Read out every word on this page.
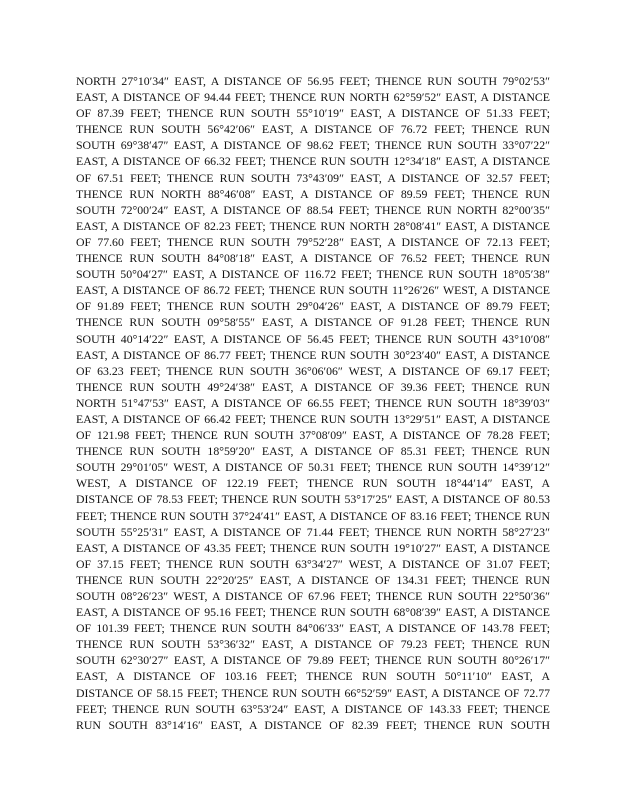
NORTH 27°10′34″ EAST, A DISTANCE OF 56.95 FEET; THENCE RUN SOUTH 79°02′53″
EAST, A DISTANCE OF 94.44 FEET; THENCE RUN NORTH 62°59′52″ EAST, A DISTANCE
OF 87.39 FEET; THENCE RUN SOUTH 55°10′19″ EAST, A DISTANCE OF 51.33 FEET;
THENCE RUN SOUTH 56°42′06″ EAST, A DISTANCE OF 76.72 FEET; THENCE RUN
SOUTH 69°38′47″ EAST, A DISTANCE OF 98.62 FEET; THENCE RUN SOUTH 33°07′22″
EAST, A DISTANCE OF 66.32 FEET; THENCE RUN SOUTH 12°34′18″ EAST, A DISTANCE
OF 67.51 FEET; THENCE RUN SOUTH 73°43′09″ EAST, A DISTANCE OF 32.57 FEET;
THENCE RUN NORTH 88°46′08″ EAST, A DISTANCE OF 89.59 FEET; THENCE RUN
SOUTH 72°00′24″ EAST, A DISTANCE OF 88.54 FEET; THENCE RUN NORTH 82°00′35″
EAST, A DISTANCE OF 82.23 FEET; THENCE RUN NORTH 28°08′41″ EAST, A DISTANCE
OF 77.60 FEET; THENCE RUN SOUTH 79°52′28″ EAST, A DISTANCE OF 72.13 FEET;
THENCE RUN SOUTH 84°08′18″ EAST, A DISTANCE OF 76.52 FEET; THENCE RUN
SOUTH 50°04′27″ EAST, A DISTANCE OF 116.72 FEET; THENCE RUN SOUTH 18°05′38″
EAST, A DISTANCE OF 86.72 FEET; THENCE RUN SOUTH 11°26′26″ WEST, A DISTANCE
OF 91.89 FEET; THENCE RUN SOUTH 29°04′26″ EAST, A DISTANCE OF 89.79 FEET;
THENCE RUN SOUTH 09°58′55″ EAST, A DISTANCE OF 91.28 FEET; THENCE RUN
SOUTH 40°14′22″ EAST, A DISTANCE OF 56.45 FEET; THENCE RUN SOUTH 43°10′08″
EAST, A DISTANCE OF 86.77 FEET; THENCE RUN SOUTH 30°23′40″ EAST, A DISTANCE
OF 63.23 FEET; THENCE RUN SOUTH 36°06′06″ WEST, A DISTANCE OF 69.17 FEET;
THENCE RUN SOUTH 49°24′38″ EAST, A DISTANCE OF 39.36 FEET; THENCE RUN
NORTH 51°47′53″ EAST, A DISTANCE OF 66.55 FEET; THENCE RUN SOUTH 18°39′03″
EAST, A DISTANCE OF 66.42 FEET; THENCE RUN SOUTH 13°29′51″ EAST, A DISTANCE
OF 121.98 FEET; THENCE RUN SOUTH 37°08′09″ EAST, A DISTANCE OF 78.28 FEET;
THENCE RUN SOUTH 18°59′20″ EAST, A DISTANCE OF 85.31 FEET; THENCE RUN
SOUTH 29°01′05″ WEST, A DISTANCE OF 50.31 FEET; THENCE RUN SOUTH 14°39′12″
WEST, A DISTANCE OF 122.19 FEET; THENCE RUN SOUTH 18°44′14″ EAST, A
DISTANCE OF 78.53 FEET; THENCE RUN SOUTH 53°17′25″ EAST, A DISTANCE OF 80.53
FEET; THENCE RUN SOUTH 37°24′41″ EAST, A DISTANCE OF 83.16 FEET; THENCE RUN
SOUTH 55°25′31″ EAST, A DISTANCE OF 71.44 FEET; THENCE RUN NORTH 58°27′23″
EAST, A DISTANCE OF 43.35 FEET; THENCE RUN SOUTH 19°10′27″ EAST, A DISTANCE
OF 37.15 FEET; THENCE RUN SOUTH 63°34′27″ WEST, A DISTANCE OF 31.07 FEET;
THENCE RUN SOUTH 22°20′25″ EAST, A DISTANCE OF 134.31 FEET; THENCE RUN
SOUTH 08°26′23″ WEST, A DISTANCE OF 67.96 FEET; THENCE RUN SOUTH 22°50′36″
EAST, A DISTANCE OF 95.16 FEET; THENCE RUN SOUTH 68°08′39″ EAST, A DISTANCE
OF 101.39 FEET; THENCE RUN SOUTH 84°06′33″ EAST, A DISTANCE OF 143.78 FEET;
THENCE RUN SOUTH 53°36′32″ EAST, A DISTANCE OF 79.23 FEET; THENCE RUN
SOUTH 62°30′27″ EAST, A DISTANCE OF 79.89 FEET; THENCE RUN SOUTH 80°26′17″
EAST, A DISTANCE OF 103.16 FEET; THENCE RUN SOUTH 50°11′10″ EAST, A
DISTANCE OF 58.15 FEET; THENCE RUN SOUTH 66°52′59″ EAST, A DISTANCE OF 72.77
FEET; THENCE RUN SOUTH 63°53′24″ EAST, A DISTANCE OF 143.33 FEET; THENCE
RUN SOUTH 83°14′16″ EAST, A DISTANCE OF 82.39 FEET; THENCE RUN SOUTH
